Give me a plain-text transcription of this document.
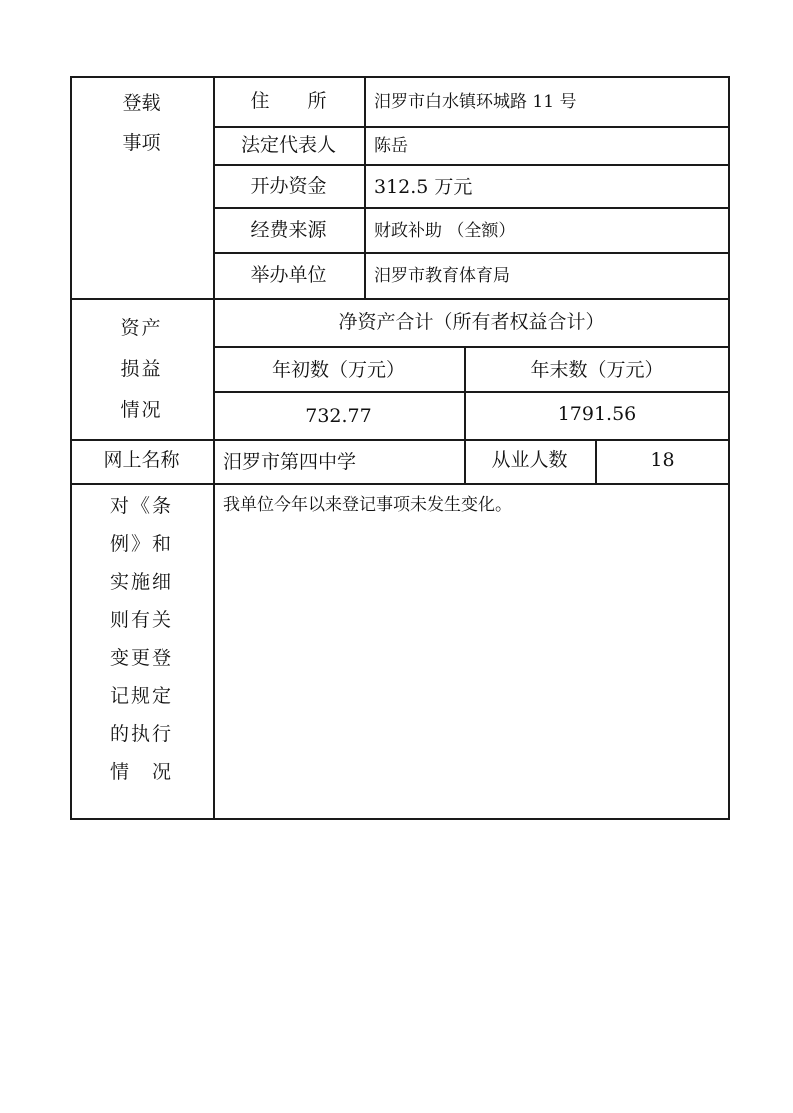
登载
事项
住　　所	汨罗市白水镇环城路 11 号
法定代表人	陈岳
开办资金	312.5 万元
经费来源	财政补助 （全额）
举办单位	汨罗市教育体育局
资产
损益
情况
净资产合计（所有者权益合计）
年初数（万元）	年末数（万元）
732.77	1791.56
网上名称	汨罗市第四中学	从业人数	18
对《条
例》和
实施细
则有关
变更登
记规定
的执行
情　况
我单位今年以来登记事项未发生变化。
